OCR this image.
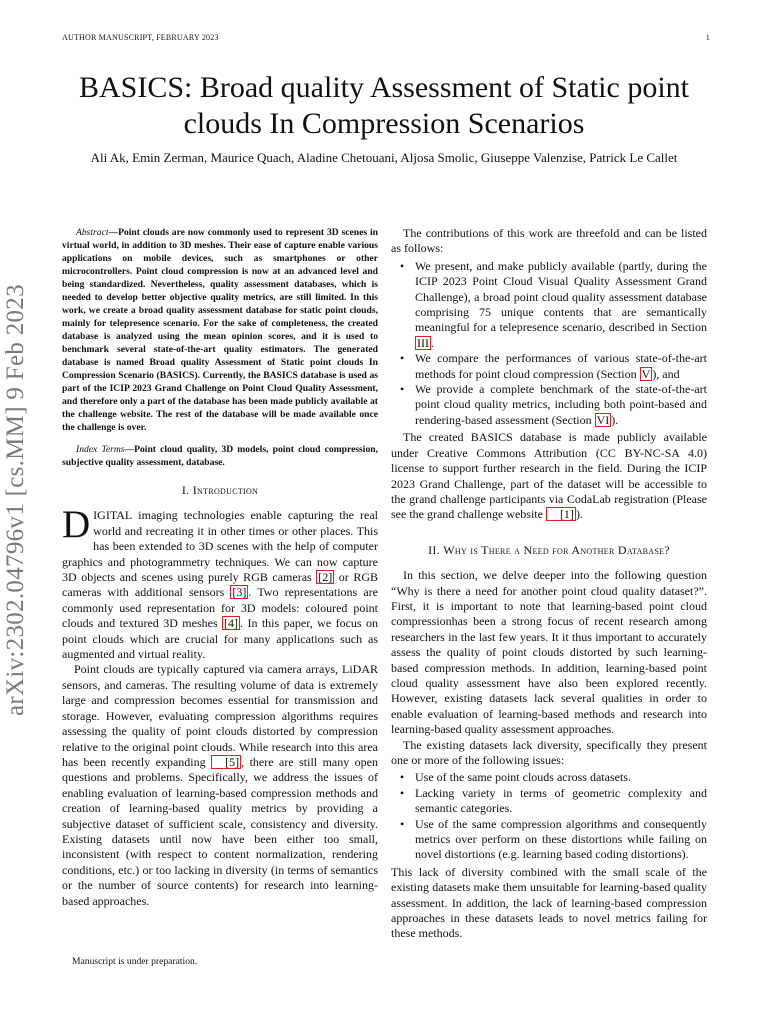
AUTHOR MANUSCRIPT, FEBRUARY 2023	1
arXiv:2302.04796v1 [cs.MM] 9 Feb 2023
BASICS: Broad quality Assessment of Static point clouds In Compression Scenarios
Ali Ak, Emin Zerman, Maurice Quach, Aladine Chetouani, Aljosa Smolic, Giuseppe Valenzise, Patrick Le Callet

Abstract—Point clouds are now commonly used to represent 3D scenes in virtual world, in addition to 3D meshes. Their ease of capture enable various applications on mobile devices, such as smartphones or other microcontrollers. Point cloud compression is now at an advanced level and being standardized. Nevertheless, quality assessment databases, which is needed to develop better objective quality metrics, are still limited. In this work, we create a broad quality assessment database for static point clouds, mainly for telepresence scenario. For the sake of completeness, the created database is analyzed using the mean opinion scores, and it is used to benchmark several state-of-the-art quality estimators. The generated database is named Broad quality Assessment of Static point clouds In Compression Scenario (BASICS). Currently, the BASICS database is used as part of the ICIP 2023 Grand Challenge on Point Cloud Quality Assessment, and therefore only a part of the database has been made publicly available at the challenge website. The rest of the database will be made available once the challenge is over.

Index Terms—Point cloud quality, 3D models, point cloud compression, subjective quality assessment, database.

I. Introduction

DIGITAL imaging technologies enable capturing the real world and recreating it in other times or other places. This has been extended to 3D scenes with the help of computer graphics and photogrammetry techniques. We can now capture 3D objects and scenes using purely RGB cameras [2] or RGB cameras with additional sensors [3] . Two representations are commonly used representation for 3D models: coloured point clouds and textured 3D meshes [4] . In this paper, we focus on point clouds which are crucial for many applications such as augmented and virtual reality.

Point clouds are typically captured via camera arrays, LiDAR sensors, and cameras. The resulting volume of data is extremely large and compression becomes essential for transmission and storage. However, evaluating compression algorithms requires assessing the quality of point clouds distorted by compression relative to the original point clouds. While research into this area has been recently expanding [5] , there are still many open questions and problems. Specifically, we address the issues of enabling evaluation of learning-based compression methods and creation of learning-based quality metrics by providing a subjective dataset of sufficient scale, consistency and diversity. Existing datasets until now have been either too small, inconsistent (with respect to content normalization, rendering conditions, etc.) or too lacking in diversity (in terms of semantics or the number of source contents) for research into learning-based approaches.

Manuscript is under preparation.

The contributions of this work are threefold and can be listed as follows:

• We present, and make publicly available (partly, during the ICIP 2023 Point Cloud Visual Quality Assessment Grand Challenge), a broad point cloud quality assessment database comprising 75 unique contents that are semantically meaningful for a telepresence scenario, described in Section III .
• We compare the performances of various state-of-the-art methods for point cloud compression (Section V ), and
• We provide a complete benchmark of the state-of-the-art point cloud quality metrics, including both point-based and rendering-based assessment (Section VI ).

The created BASICS database is made publicly available under Creative Commons Attribution (CC BY-NC-SA 4.0) license to support further research in the field. During the ICIP 2023 Grand Challenge, part of the dataset will be accessible to the grand challenge participants via CodaLab registration (Please see the grand challenge website [1] ).

II. Why is There a Need for Another Database?

In this section, we delve deeper into the following question “Why is there a need for another point cloud quality dataset?”. First, it is important to note that learning-based point cloud compressionhas been a strong focus of recent research among researchers in the last few years. It it thus important to accurately assess the quality of point clouds distorted by such learning-based compression methods. In addition, learning-based point cloud quality assessment have also been explored recently. However, existing datasets lack several qualities in order to enable evaluation of learning-based methods and research into learning-based quality assessment approaches.

The existing datasets lack diversity, specifically they present one or more of the following issues:

• Use of the same point clouds across datasets.
• Lacking variety in terms of geometric complexity and semantic categories.
• Use of the same compression algorithms and consequently metrics over perform on these distortions while failing on novel distortions (e.g. learning based coding distortions).

This lack of diversity combined with the small scale of the existing datasets make them unsuitable for learning-based quality assessment. In addition, the lack of learning-based compression approaches in these datasets leads to novel metrics failing for these methods.
